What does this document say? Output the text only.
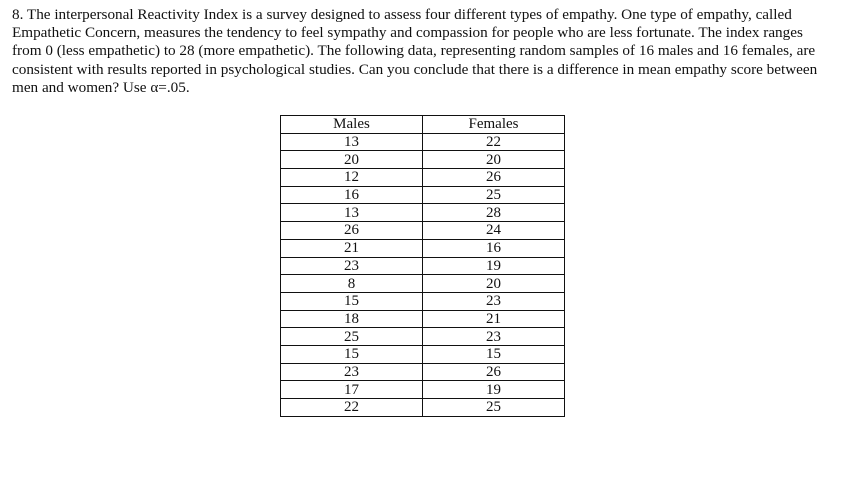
8. The interpersonal Reactivity Index is a survey designed to assess four different types of empathy. One type of empathy, called
Empathetic Concern, measures the tendency to feel sympathy and compassion for people who are less fortunate. The index ranges
from 0 (less empathetic) to 28 (more empathetic). The following data, representing random samples of 16 males and 16 females, are
consistent with results reported in psychological studies. Can you conclude that there is a difference in mean empathy score between
men and women? Use α=.05.
Males	Females
13	22
20	20
12	26
16	25
13	28
26	24
21	16
23	19
8	20
15	23
18	21
25	23
15	15
23	26
17	19
22	25
